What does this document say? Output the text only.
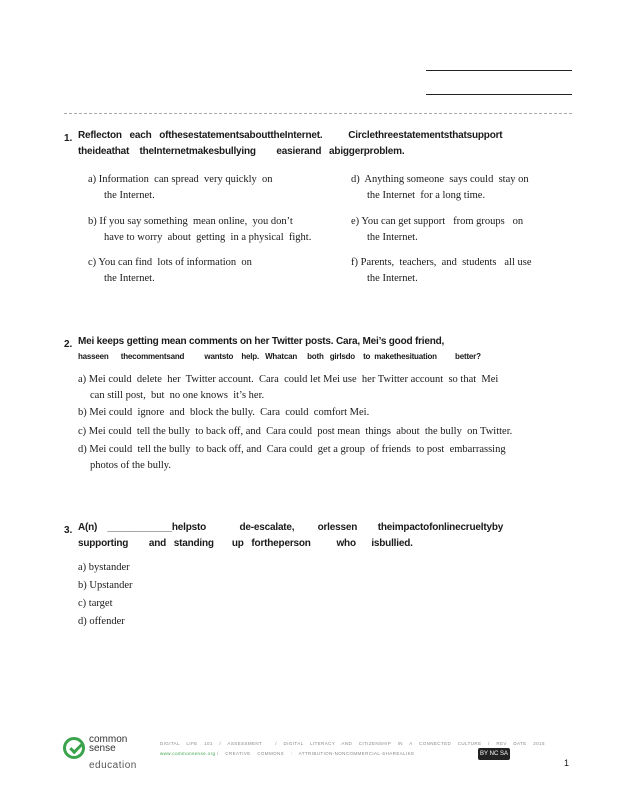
1. Reflecton   each   ofthesestatementsabouttheInternet.          Circlethreestatementsthatsupport
theideathat    theInternetmakesbullying        easierand   abiggerproblem.
a) Information  can spread  very quickly  on
the Internet.
d)  Anything someone  says could  stay on
the Internet  for a long time.
b) If you say something  mean online,  you don’t
have to worry  about  getting  in a physical  fight.
e) You can get support   from groups   on
the Internet.
c) You can find  lots of information  on
the Internet.
f) Parents,  teachers,  and  students   all use
the Internet.
2. Mei keeps getting mean comments on her Twitter posts. Cara, Mei’s good friend,
hasseen      thecommentsand          wantsto    help.   Whatcan     both   girlsdo    to  makethesituation         better?
a) Mei could  delete  her  Twitter account.  Cara  could let Mei use  her Twitter account  so that  Mei
can still post,  but  no one knows  it’s her.
b) Mei could  ignore  and  block the bully.  Cara  could  comfort Mei.
c) Mei could  tell the bully  to back off, and  Cara could  post mean  things  about  the bully  on Twitter.
d) Mei could  tell the bully  to back off, and  Cara could  get a group  of friends  to post  embarrassing
photos of the bully.
3. A(n)    ____________helpsto             de-escalate,         orlessen        theimpactofonlinecrueltyby
supporting        and   standing       up   fortheperson          who      isbullied.
a) bystander
b) Upstander
c) target
d) offender
common
sense
education
DIGITAL    LIFE    101    /    ASSESSMENT        /    DIGITAL    LITERACY    AND    CITIZENSHIP    IN    A    CONNECTED    CULTURE    /    REV    DATE    2015
www.commonsense.org /    CREATIVE    COMMONS    :    ATTRIBUTION-NONCOMMERCIAL-SHAREALIKE	BY NC SA
1
